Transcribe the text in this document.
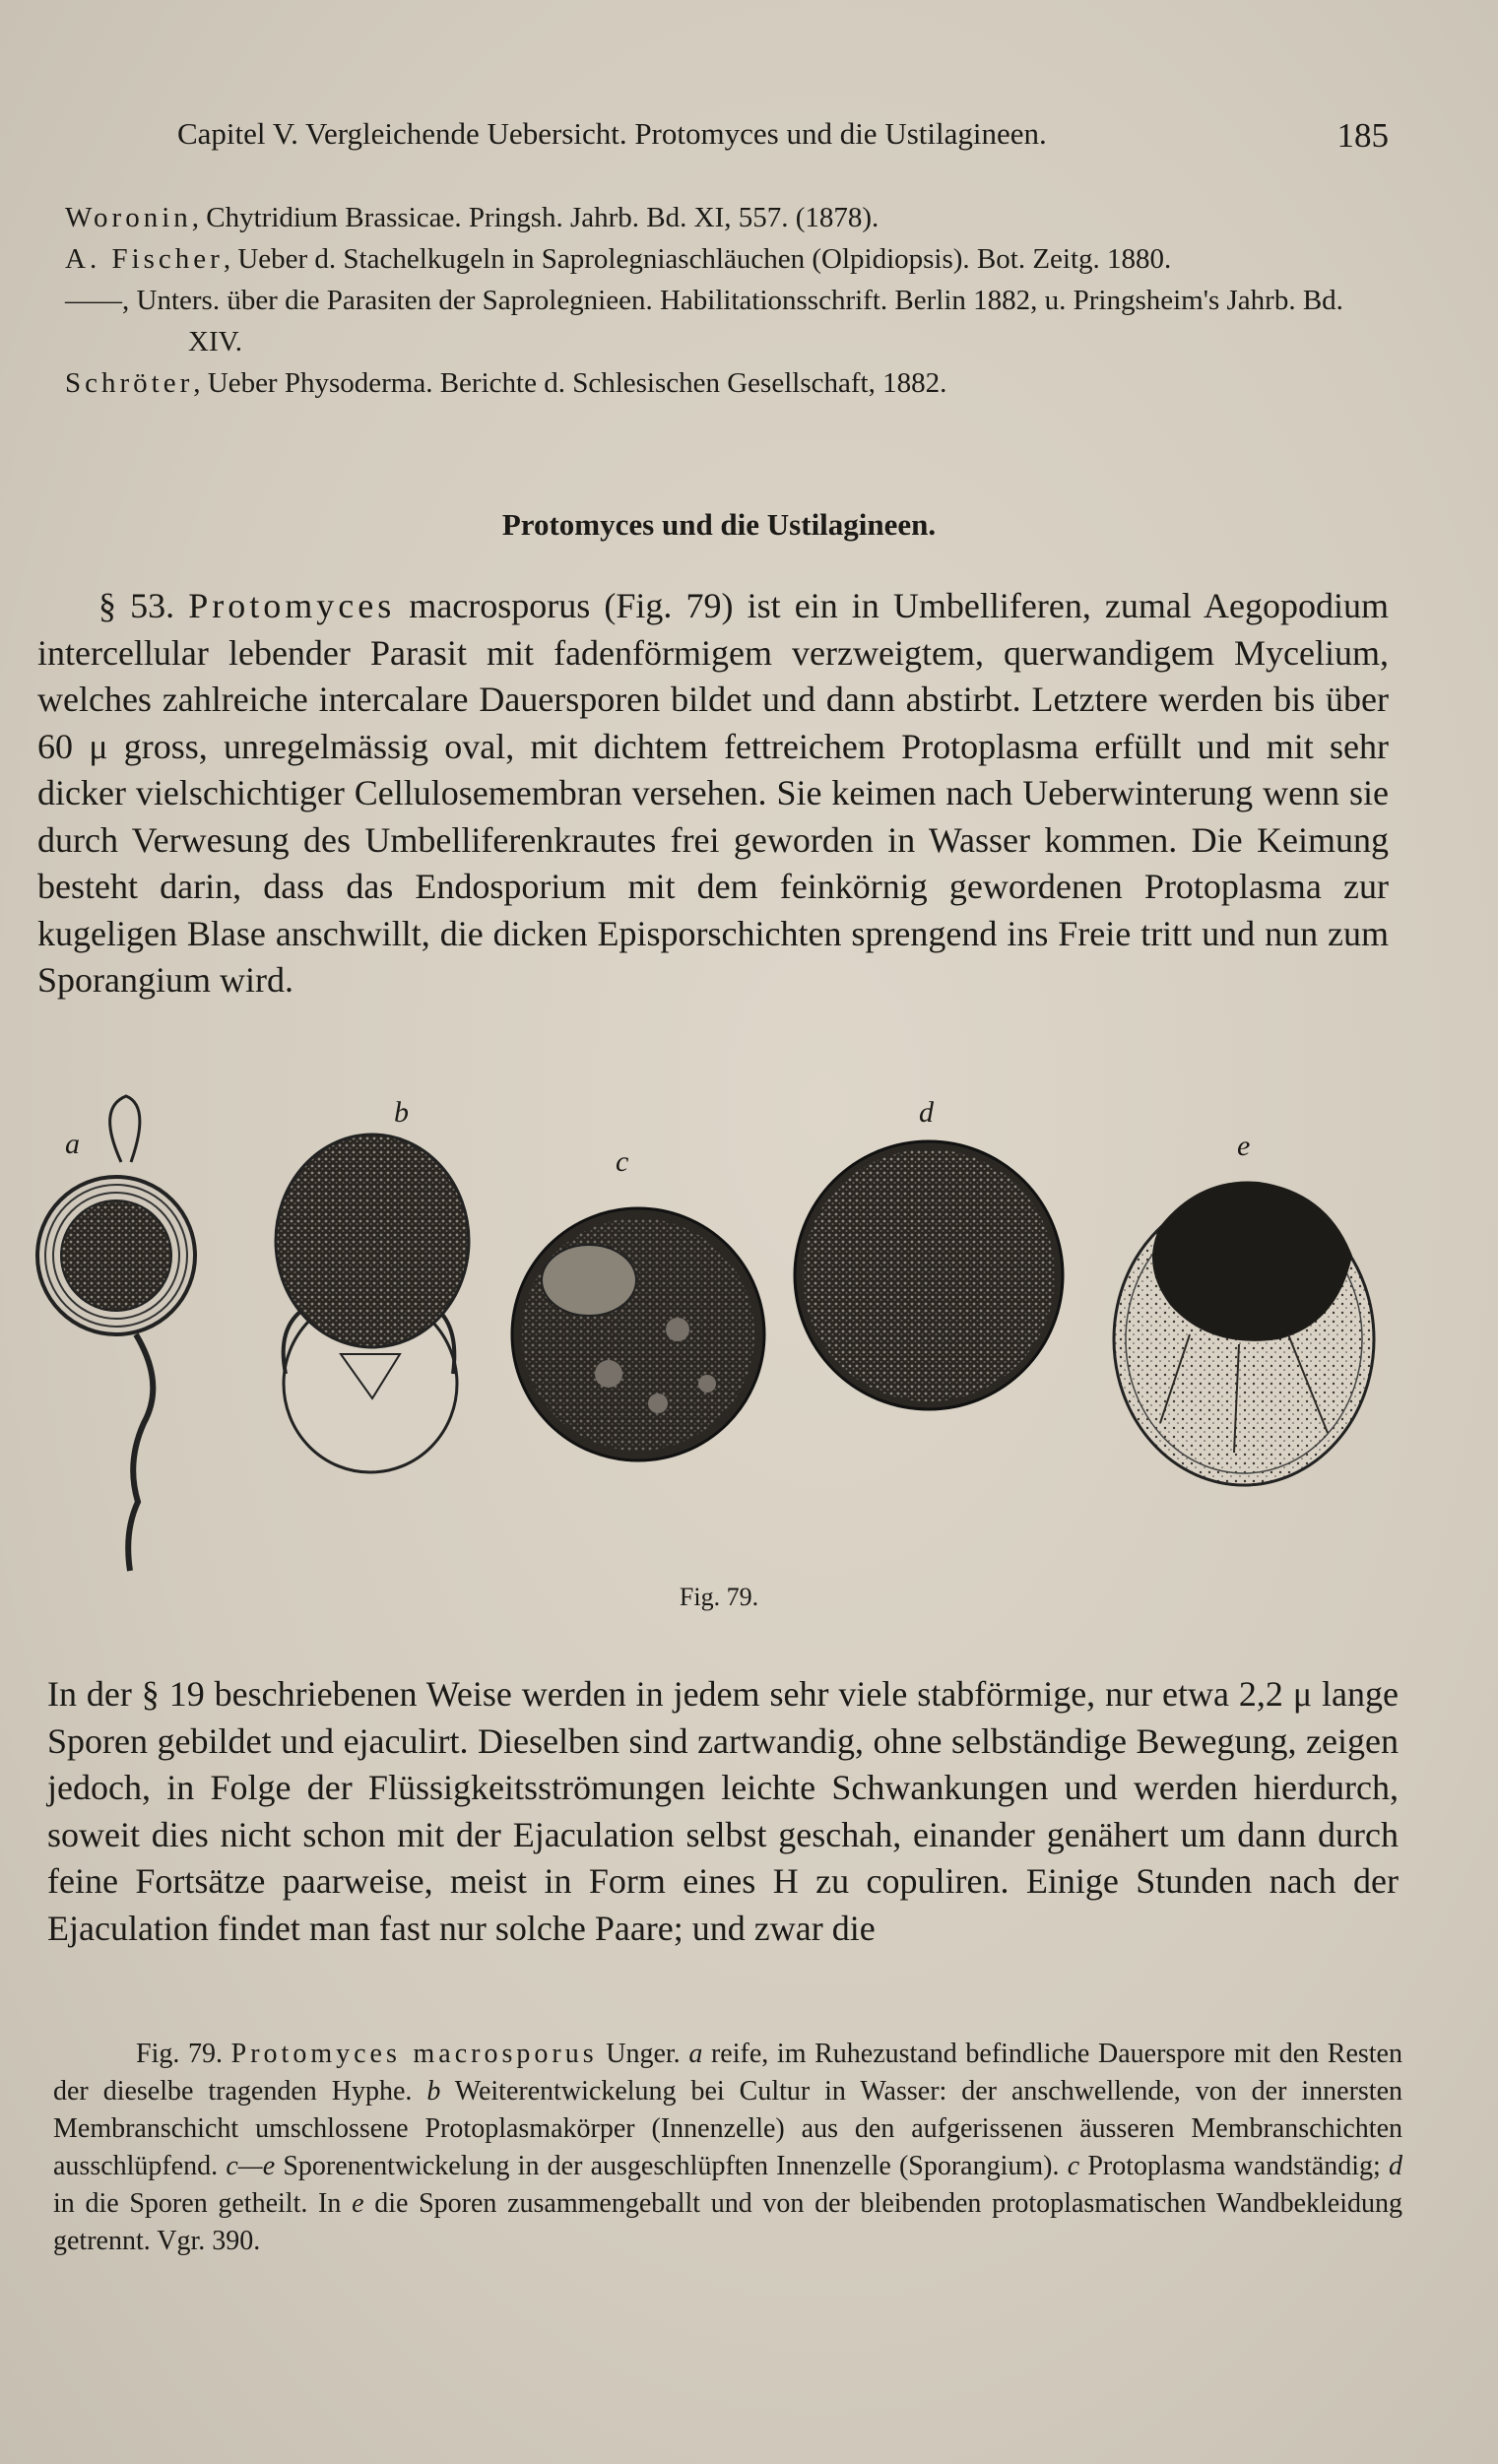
Capitel V. Vergleichende Uebersicht. Protomyces und die Ustilagineen.	185
Woronin, Chytridium Brassicae. Pringsh. Jahrb. Bd. XI, 557. (1878).
A. Fischer, Ueber d. Stachelkugeln in Saprolegniaschläuchen (Olpidiopsis). Bot. Zeitg. 1880.
——, Unters. über die Parasiten der Saprolegnieen. Habilitationsschrift. Berlin 1882, u. Pringsheim's Jahrb. Bd. XIV.
Schröter, Ueber Physoderma. Berichte d. Schlesischen Gesellschaft, 1882.
Protomyces und die Ustilagineen.
§ 53. Protomyces macrosporus (Fig. 79) ist ein in Umbelliferen, zumal Aegopodium intercellular lebender Parasit mit fadenförmigem verzweigtem, querwandigem Mycelium, welches zahlreiche intercalare Dauersporen bildet und dann abstirbt. Letztere werden bis über 60 μ gross, unregelmässig oval, mit dichtem fettreichem Protoplasma erfüllt und mit sehr dicker vielschichtiger Cellulosemembran versehen. Sie keimen nach Ueberwinterung wenn sie durch Verwesung des Umbelliferenkrautes frei geworden in Wasser kommen. Die Keimung besteht darin, dass das Endosporium mit dem feinkörnig gewordenen Protoplasma zur kugeligen Blase anschwillt, die dicken Episporschichten sprengend ins Freie tritt und nun zum Sporangium wird.
a
b
c
d
e
Fig. 79.
In der § 19 beschriebenen Weise werden in jedem sehr viele stabförmige, nur etwa 2,2 μ lange Sporen gebildet und ejaculirt. Dieselben sind zartwandig, ohne selbständige Bewegung, zeigen jedoch, in Folge der Flüssigkeitsströmungen leichte Schwankungen und werden hierdurch, soweit dies nicht schon mit der Ejaculation selbst geschah, einander genähert um dann durch feine Fortsätze paarweise, meist in Form eines H zu copuliren. Einige Stunden nach der Ejaculation findet man fast nur solche Paare; und zwar die
Fig. 79. Protomyces macrosporus Unger. a reife, im Ruhezustand befindliche Dauerspore mit den Resten der dieselbe tragenden Hyphe. b Weiterentwickelung bei Cultur in Wasser: der anschwellende, von der innersten Membranschicht umschlossene Protoplasmakörper (Innenzelle) aus den aufgerissenen äusseren Membranschichten ausschlüpfend. c—e Sporenentwickelung in der ausgeschlüpften Innenzelle (Sporangium). c Protoplasma wandständig; d in die Sporen getheilt. In e die Sporen zusammengeballt und von der bleibenden protoplasmatischen Wandbekleidung getrennt. Vgr. 390.
